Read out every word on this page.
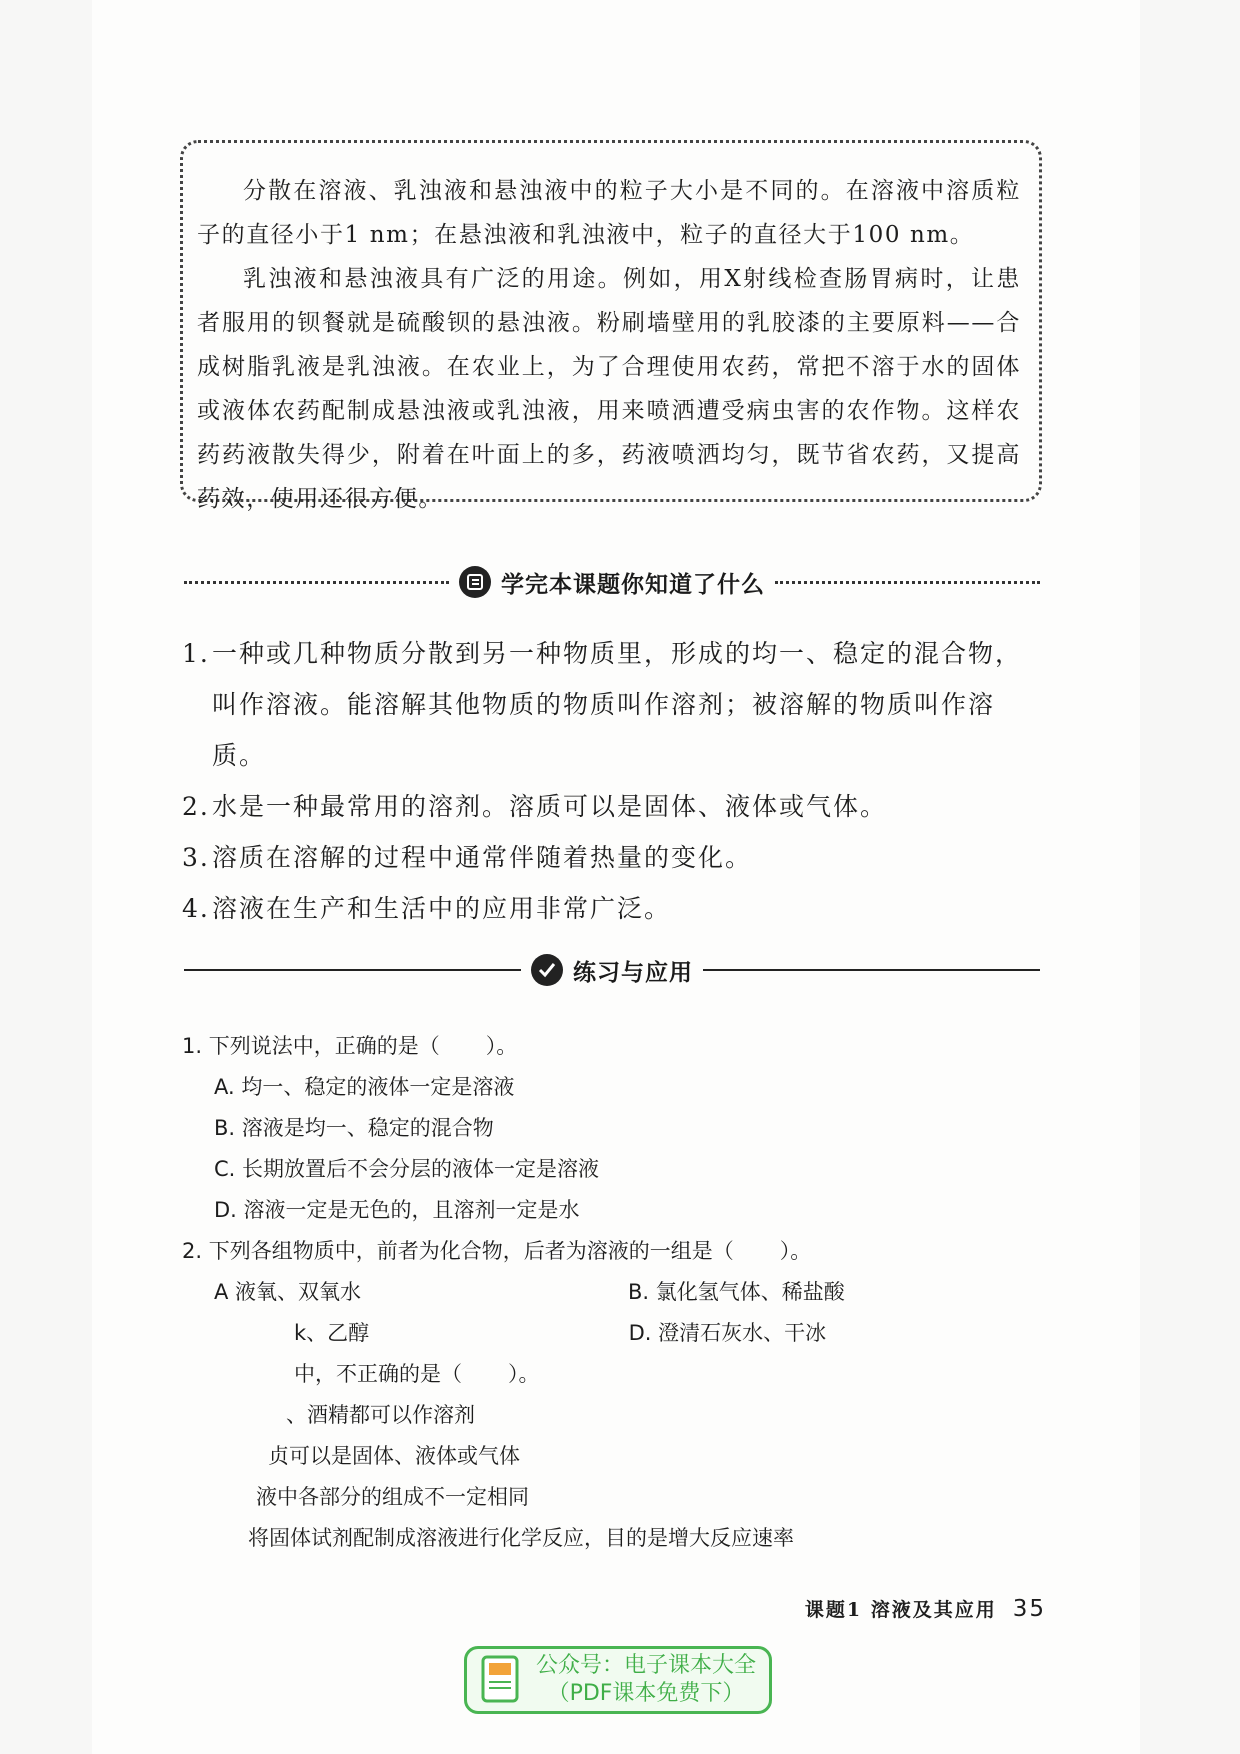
分散在溶液、乳浊液和悬浊液中的粒子大小是不同的。在溶液中溶质粒子的直径小于1 nm；在悬浊液和乳浊液中，粒子的直径大于100 nm。

乳浊液和悬浊液具有广泛的用途。例如，用X射线检查肠胃病时，让患者服用的钡餐就是硫酸钡的悬浊液。粉刷墙壁用的乳胶漆的主要原料——合成树脂乳液是乳浊液。在农业上，为了合理使用农药，常把不溶于水的固体或液体农药配制成悬浊液或乳浊液，用来喷洒遭受病虫害的农作物。这样农药药液散失得少，附着在叶面上的多，药液喷洒均匀，既节省农药，又提高药效，使用还很方便。

学完本课题你知道了什么
1. 一种或几种物质分散到另一种物质里，形成的均一、稳定的混合物，叫作溶液。能溶解其他物质的物质叫作溶剂；被溶解的物质叫作溶质。
2. 水是一种最常用的溶剂。溶质可以是固体、液体或气体。
3. 溶质在溶解的过程中通常伴随着热量的变化。
4. 溶液在生产和生活中的应用非常广泛。
练习与应用
1. 下列说法中，正确的是（ ）。
A. 均一、稳定的液体一定是溶液
B. 溶液是均一、稳定的混合物
C. 长期放置后不会分层的液体一定是溶液
D. 溶液一定是无色的，且溶剂一定是水
2. 下列各组物质中，前者为化合物，后者为溶液的一组是（ ）。
A 液氧、双氧水	B. 氯化氢气体、稀盐酸
k、乙醇	D. 澄清石灰水、干冰
中，不正确的是（ ）。
、酒精都可以作溶剂
贞可以是固体、液体或气体
液中各部分的组成不一定相同
将固体试剂配制成溶液进行化学反应，目的是增大反应速率
课题1 溶液及其应用 35
公众号：电子课本大全
（PDF课本免费下）
